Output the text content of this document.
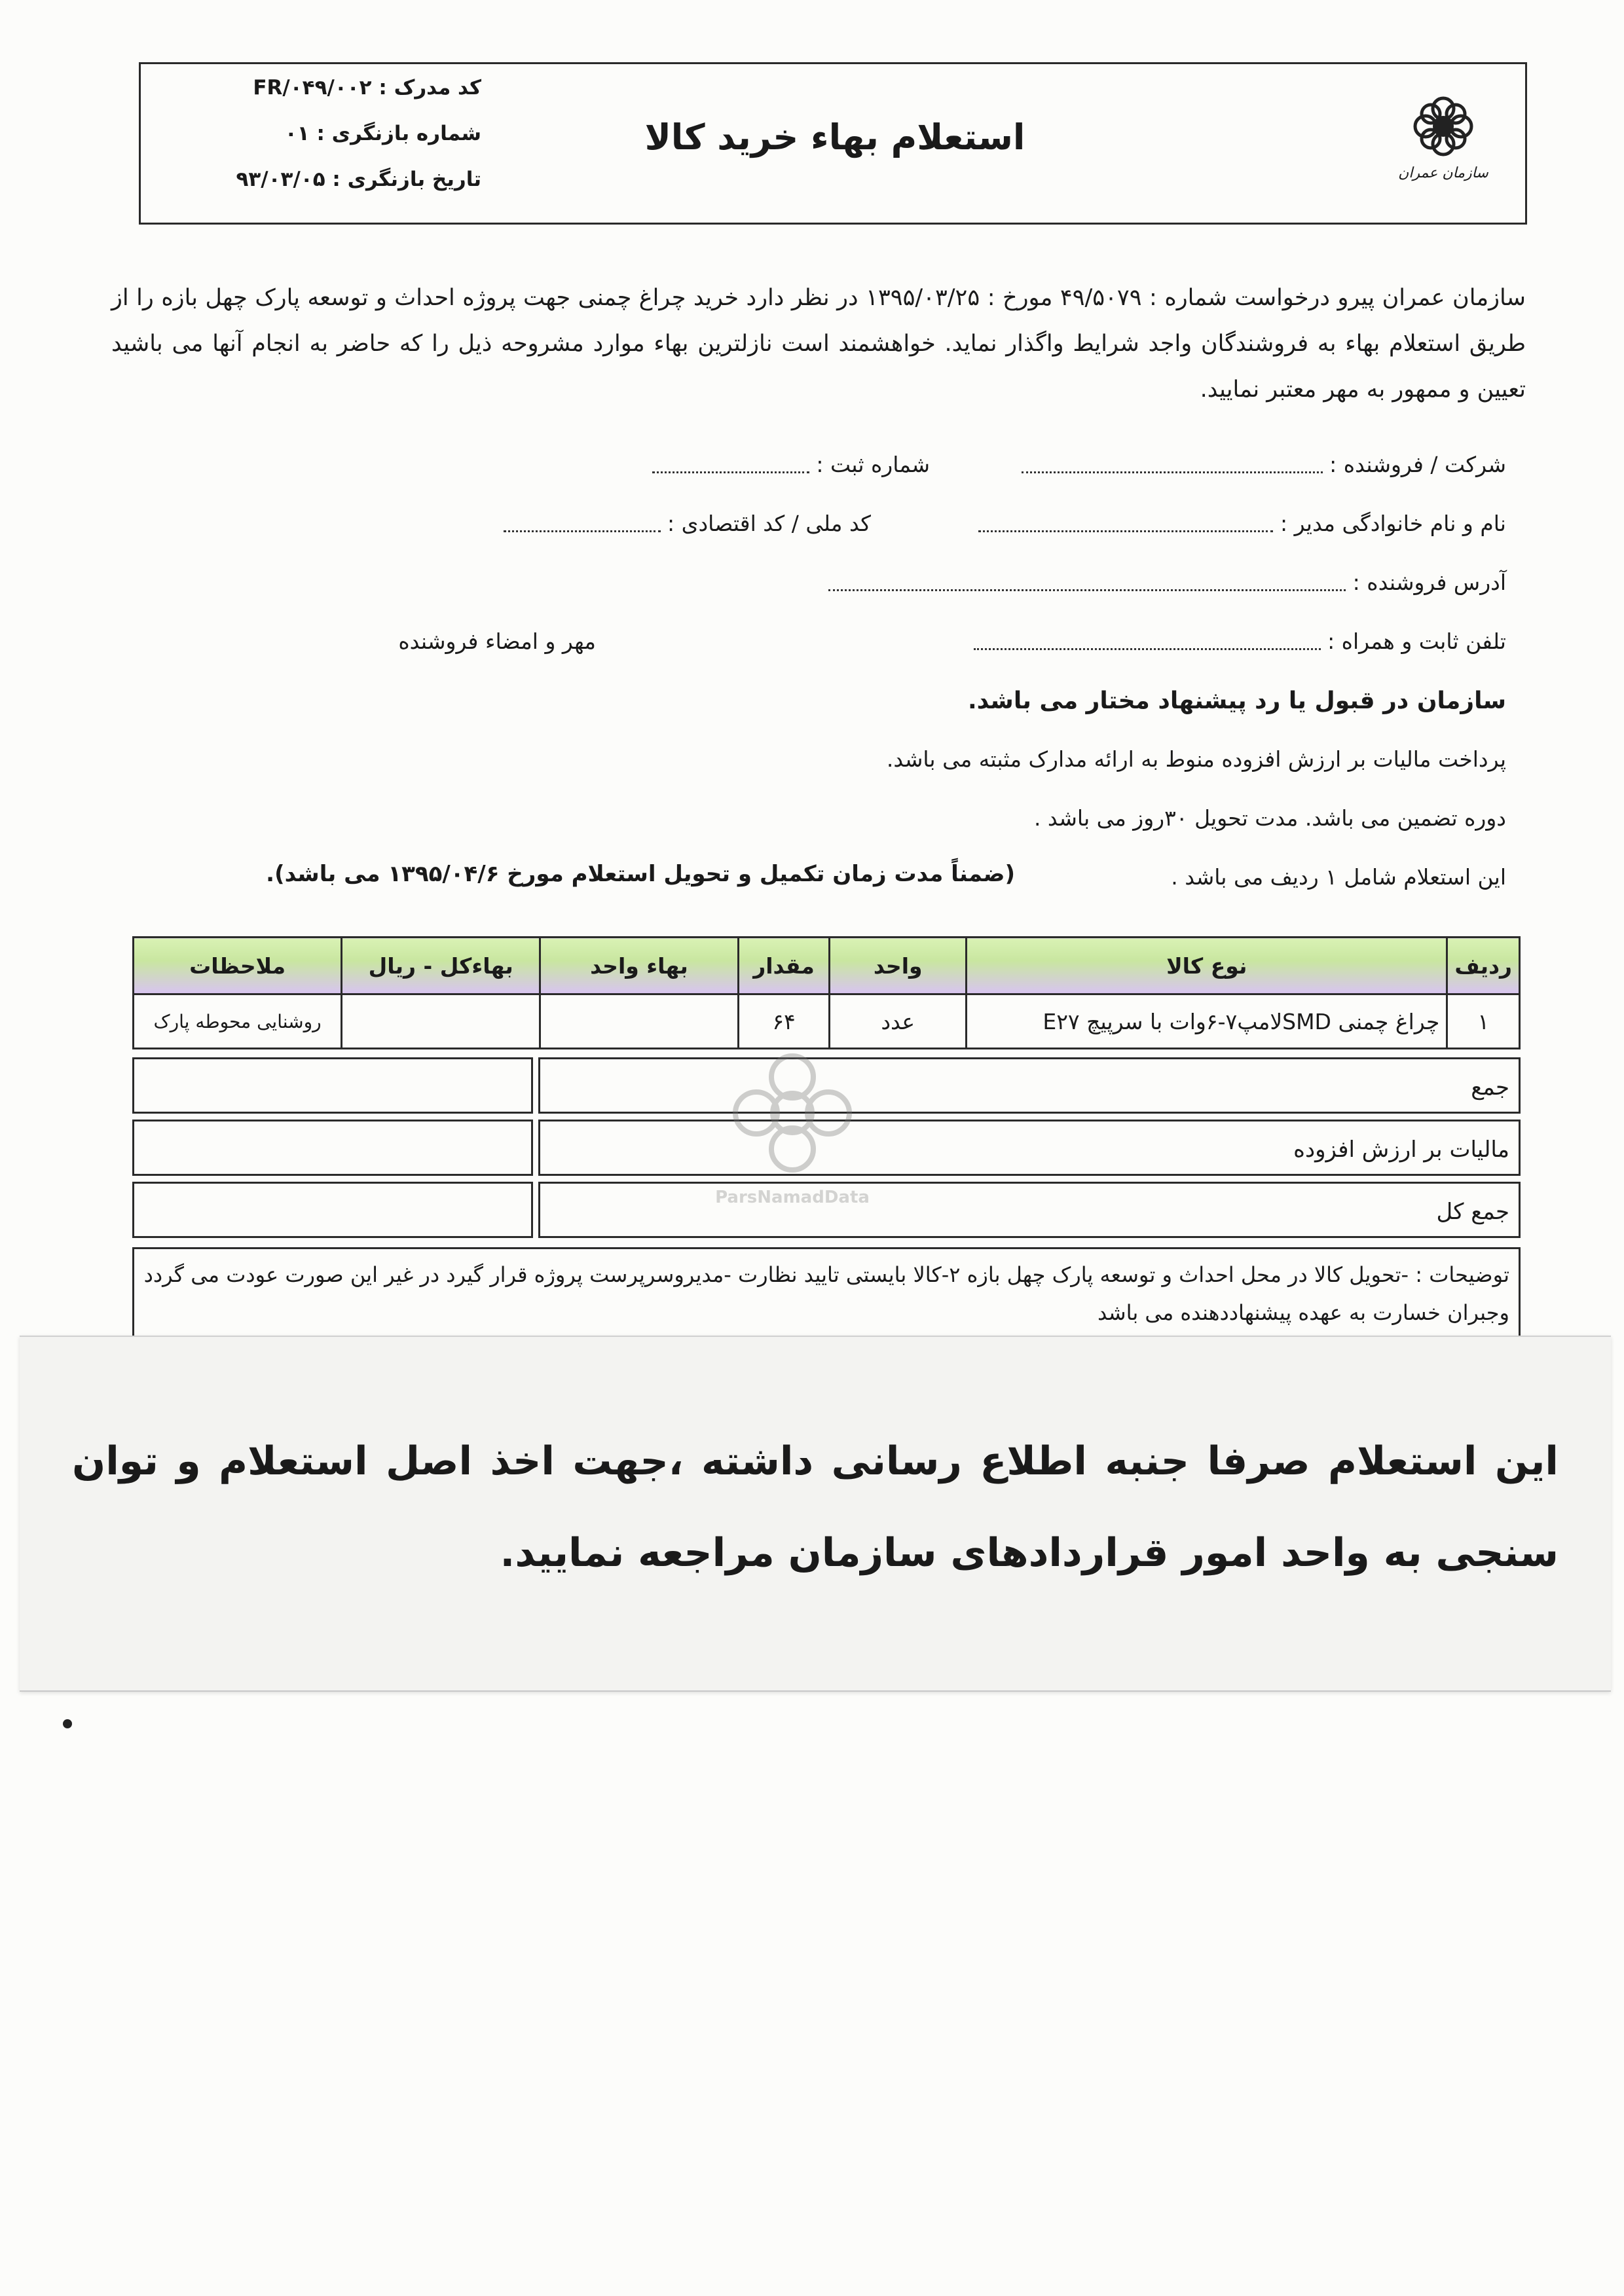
سازمان عمران
استعلام بهاء خرید کالا
کد مدرک : FR/۰۴۹/۰۰۲
شماره بازنگری : ۰۱
تاریخ بازنگری : ۹۳/۰۳/۰۵
سازمان عمران پیرو درخواست شماره : ۴۹/۵۰۷۹ مورخ : ۱۳۹۵/۰۳/۲۵ در نظر دارد خرید چراغ چمنی جهت پروژه احداث و توسعه پارک چهل بازه را از طریق استعلام بهاء به فروشندگان واجد شرایط واگذار نماید. خواهشمند است نازلترین بهاء موارد مشروحه ذیل را که حاضر به انجام آنها می باشید تعیین و ممهور به مهر معتبر نمایید.
شرکت / فروشنده :
شماره ثبت :
نام و نام خانوادگی مدیر :
کد ملی / کد اقتصادی :
آدرس فروشنده :
تلفن ثابت و همراه :
مهر و امضاء فروشنده
سازمان در قبول یا رد پیشنهاد مختار می باشد.
پرداخت مالیات بر ارزش افزوده منوط به ارائه مدارک مثبته می باشد.
دوره تضمین می باشد. مدت تحویل ۳۰روز می باشد .
این استعلام شامل ۱ ردیف می باشد .
(ضمناً مدت زمان تکمیل و تحویل استعلام مورخ ۱۳۹۵/۰۴/۶ می باشد).
ردیف	نوع کالا	واحد	مقدار	بهاء واحد	بهاءکل - ریال	ملاحظات
۱	چراغ چمنی SMDلامپ۷-۶وات با سرپیچ E۲۷	عدد	۶۴			روشنایی محوطه پارک
جمع
مالیات بر ارزش افزوده
جمع کل
توضیحات : -تحویل کالا در محل احداث و توسعه پارک چهل بازه ۲-کالا بایستی تایید نظارت -مدیروسرپرست پروژه قرار گیرد در غیر این صورت عودت می گردد وجبران خسارت به عهده پیشنهاددهنده می باشد
ParsNamadData
این استعلام صرفا جنبه اطلاع رسانی داشته ،جهت اخذ اصل استعلام و توان سنجی به واحد امور قراردادهای سازمان مراجعه نمایید.
